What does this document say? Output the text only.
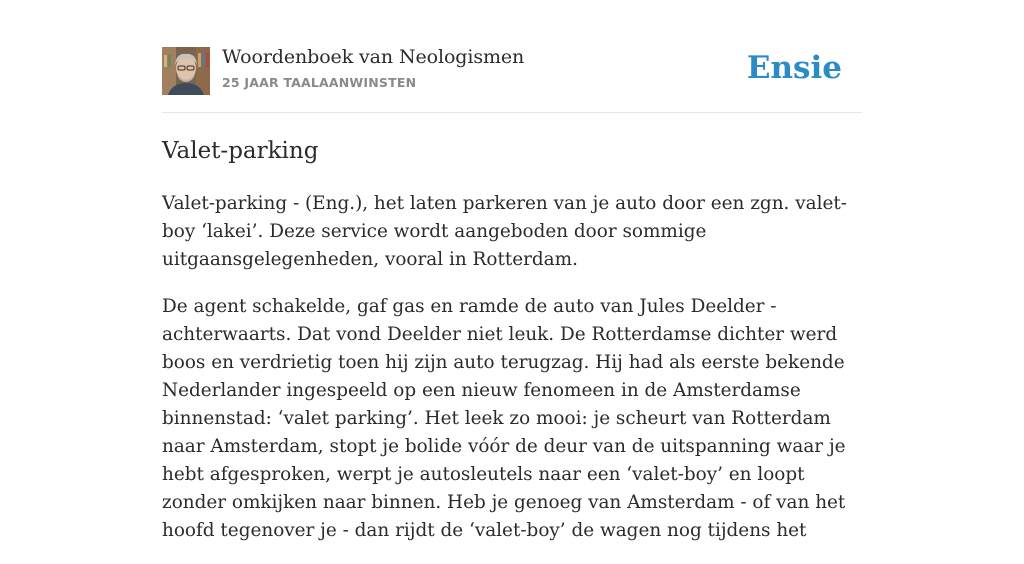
Woordenboek van Neologismen
25 JAAR TAALAANWINSTEN	Ensie
Valet-parking

Valet-parking - (Eng.), het laten parkeren van je auto door een zgn. valet-boy ‘lakei’. Deze service wordt aangeboden door sommige uitgaansgelegenheden, vooral in Rotterdam.

De agent schakelde, gaf gas en ramde de auto van Jules Deelder - achterwaarts. Dat vond Deelder niet leuk. De Rotterdamse dichter werd boos en verdrietig toen hij zijn auto terugzag. Hij had als eerste bekende Nederlander ingespeeld op een nieuw fenomeen in de Amsterdamse binnenstad: ‘valet parking’. Het leek zo mooi: je scheurt van Rotterdam naar Amsterdam, stopt je bolide vóór de deur van de uitspanning waar je hebt afgesproken, werpt je autosleutels naar een ‘valet-boy’ en loopt zonder omkijken naar binnen. Heb je genoeg van Amsterdam - of van het hoofd tegenover je - dan rijdt de ‘valet-boy’ de wagen nog tijdens het
